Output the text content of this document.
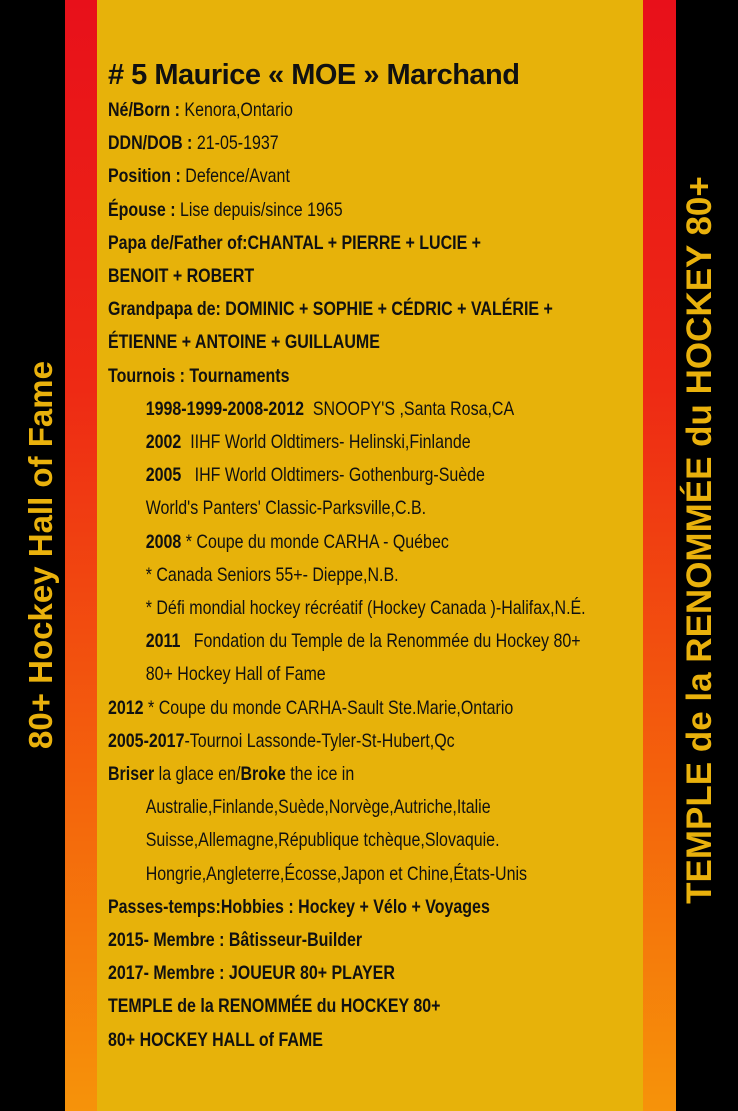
80+ Hockey Hall of Fame	TEMPLE de la RENOMMÉE du HOCKEY 80+
# 5 Maurice « MOE » Marchand
Né/Born : Kenora,Ontario
DDN/DOB : 21-05-1937
Position : Defence/Avant
Épouse : Lise depuis/since 1965
Papa de/Father of:CHANTAL + PIERRE + LUCIE +
BENOIT + ROBERT
Grandpapa de: DOMINIC + SOPHIE + CÉDRIC + VALÉRIE +
ÉTIENNE + ANTOINE + GUILLAUME
Tournois : Tournaments
1998-1999-2008-2012 SNOOPY'S ,Santa Rosa,CA
2002 IIHF World Oldtimers- Helinski,Finlande
2005 IHF World Oldtimers- Gothenburg-Suède
World's Panters' Classic-Parksville,C.B.
2008 * Coupe du monde CARHA - Québec
* Canada Seniors 55+- Dieppe,N.B.
* Défi mondial hockey récréatif (Hockey Canada )-Halifax,N.É.
2011 Fondation du Temple de la Renommée du Hockey 80+
80+ Hockey Hall of Fame
2012 * Coupe du monde CARHA-Sault Ste.Marie,Ontario
2005-2017-Tournoi Lassonde-Tyler-St-Hubert,Qc
Briser la glace en/Broke the ice in
Australie,Finlande,Suède,Norvège,Autriche,Italie
Suisse,Allemagne,République tchèque,Slovaquie.
Hongrie,Angleterre,Écosse,Japon et Chine,États-Unis
Passes-temps:Hobbies : Hockey + Vélo + Voyages
2015- Membre : Bâtisseur-Builder
2017- Membre : JOUEUR 80+ PLAYER
TEMPLE de la RENOMMÉE du HOCKEY 80+
80+ HOCKEY HALL of FAME
